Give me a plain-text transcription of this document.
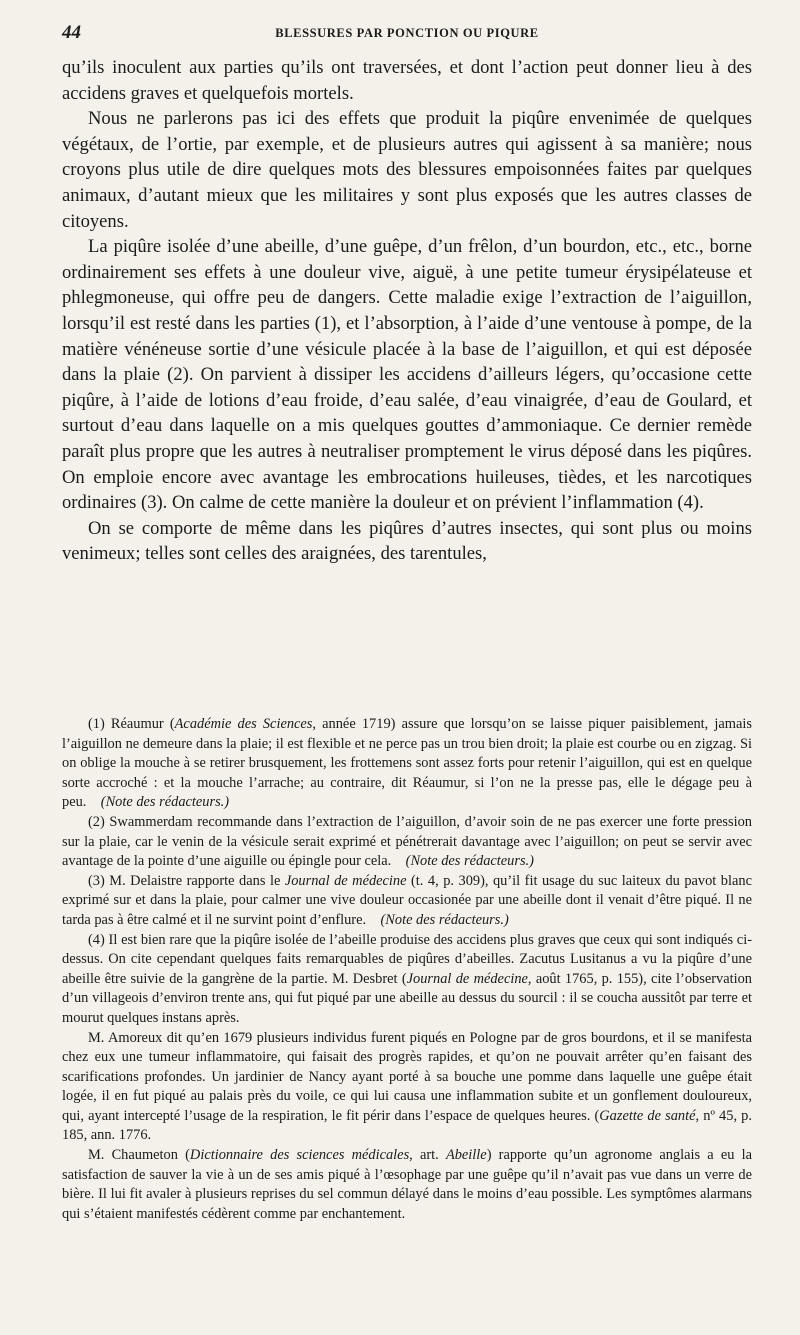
44	BLESSURES PAR PONCTION OU PIQURE

qu’ils inoculent aux parties qu’ils ont traversées, et dont l’action peut donner lieu à des accidens graves et quelquefois mortels.

Nous ne parlerons pas ici des effets que produit la piqûre envenimée de quelques végétaux, de l’ortie, par exemple, et de plusieurs autres qui agissent à sa manière; nous croyons plus utile de dire quelques mots des blessures empoisonnées faites par quelques animaux, d’autant mieux que les militaires y sont plus exposés que les autres classes de citoyens.

La piqûre isolée d’une abeille, d’une guêpe, d’un frêlon, d’un bourdon, etc., etc., borne ordinairement ses effets à une douleur vive, aiguë, à une petite tumeur érysipélateuse et phlegmoneuse, qui offre peu de dangers. Cette maladie exige l’extraction de l’aiguillon, lorsqu’il est resté dans les parties (1), et l’absorption, à l’aide d’une ventouse à pompe, de la matière vénéneuse sortie d’une vésicule placée à la base de l’aiguillon, et qui est déposée dans la plaie (2). On parvient à dissiper les accidens d’ailleurs légers, qu’occasione cette piqûre, à l’aide de lotions d’eau froide, d’eau salée, d’eau vinaigrée, d’eau de Goulard, et surtout d’eau dans laquelle on a mis quelques gouttes d’ammoniaque. Ce dernier remède paraît plus propre que les autres à neutraliser promptement le virus déposé dans les piqûres. On emploie encore avec avantage les embrocations huileuses, tièdes, et les narcotiques ordinaires (3). On calme de cette manière la douleur et on prévient l’inflammation (4).

On se comporte de même dans les piqûres d’autres insectes, qui sont plus ou moins venimeux; telles sont celles des araignées, des tarentules,

(1) Réaumur (Académie des Sciences, année 1719) assure que lorsqu’on se laisse piquer paisiblement, jamais l’aiguillon ne demeure dans la plaie; il est flexible et ne perce pas un trou bien droit; la plaie est courbe ou en zigzag. Si on oblige la mouche à se retirer brusquement, les frottemens sont assez forts pour retenir l’aiguillon, qui est en quelque sorte accroché : et la mouche l’arrache; au contraire, dit Réaumur, si l’on ne la presse pas, elle le dégage peu à peu. (Note des rédacteurs.)

(2) Swammerdam recommande dans l’extraction de l’aiguillon, d’avoir soin de ne pas exercer une forte pression sur la plaie, car le venin de la vésicule serait exprimé et pénétrerait davantage avec l’aiguillon; on peut se servir avec avantage de la pointe d’une aiguille ou épingle pour cela. (Note des rédacteurs.)

(3) M. Delaistre rapporte dans le Journal de médecine (t. 4, p. 309), qu’il fit usage du suc laiteux du pavot blanc exprimé sur et dans la plaie, pour calmer une vive douleur occasionée par une abeille dont il venait d’être piqué. Il ne tarda pas à être calmé et il ne survint point d’enflure. (Note des rédacteurs.)

(4) Il est bien rare que la piqûre isolée de l’abeille produise des accidens plus graves que ceux qui sont indiqués ci-dessus. On cite cependant quelques faits remarquables de piqûres d’abeilles. Zacutus Lusitanus a vu la piqûre d’une abeille être suivie de la gangrène de la partie. M. Desbret (Journal de médecine, août 1765, p. 155), cite l’observation d’un villageois d’environ trente ans, qui fut piqué par une abeille au dessus du sourcil : il se coucha aussitôt par terre et mourut quelques instans après.

M. Amoreux dit qu’en 1679 plusieurs individus furent piqués en Pologne par de gros bourdons, et il se manifesta chez eux une tumeur inflammatoire, qui faisait des progrès rapides, et qu’on ne pouvait arrêter qu’en faisant des scarifications profondes. Un jardinier de Nancy ayant porté à sa bouche une pomme dans laquelle une guêpe était logée, il en fut piqué au palais près du voile, ce qui lui causa une inflammation subite et un gonflement douloureux, qui, ayant intercepté l’usage de la respiration, le fit périr dans l’espace de quelques heures. (Gazette de santé, nº 45, p. 185, ann. 1776.

M. Chaumeton (Dictionnaire des sciences médicales, art. Abeille) rapporte qu’un agronome anglais a eu la satisfaction de sauver la vie à un de ses amis piqué à l’œsophage par une guêpe qu’il n’avait pas vue dans un verre de bière. Il lui fit avaler à plusieurs reprises du sel commun délayé dans le moins d’eau possible. Les symptômes alarmans qui s’étaient manifestés cédèrent comme par enchantement.
